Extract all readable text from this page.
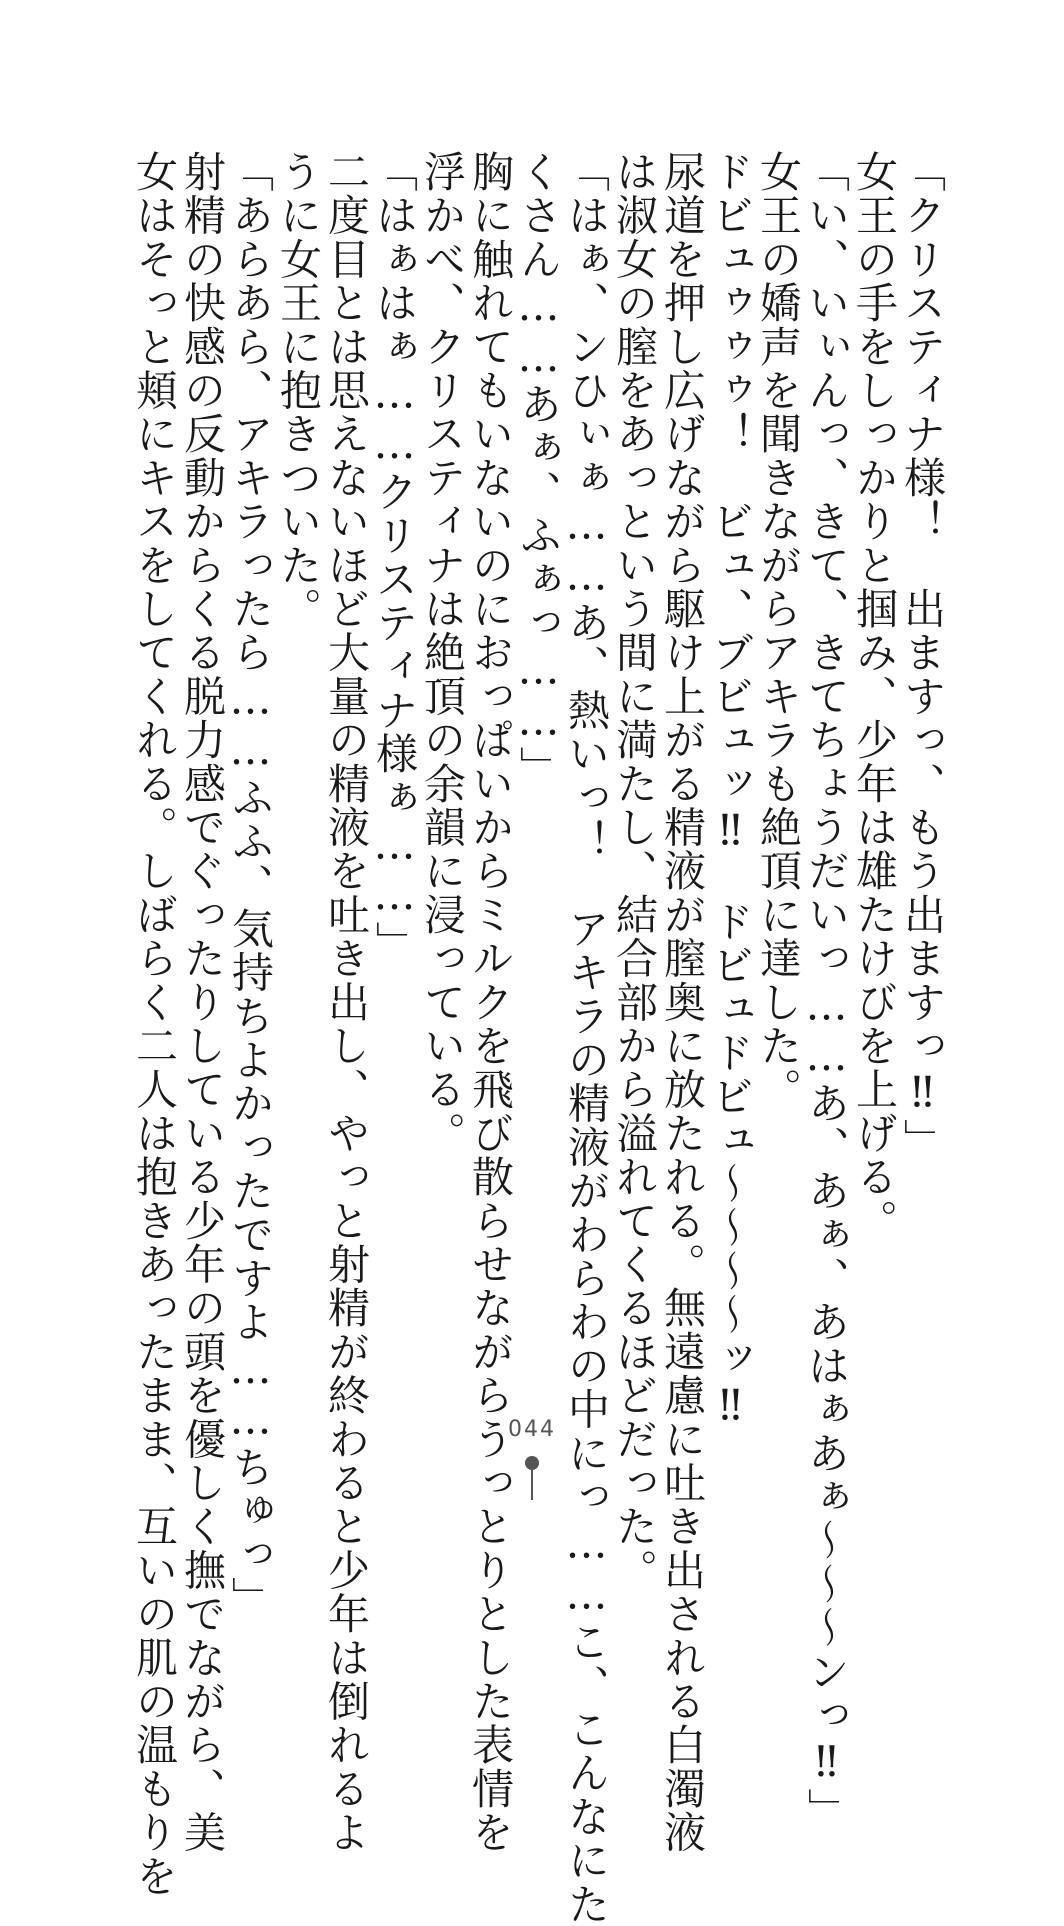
「クリスティナ様！　出ますっ、もう出ますっ‼」
女王の手をしっかりと掴み、少年は雄たけびを上げる。
「い、いぃんっ、きて、きてちょうだいっ……あ、あぁ、あはぁあぁ〜〜〜ンっ‼」
女王の嬌声を聞きながらアキラも絶頂に達した。
ドビュゥゥゥ！　ビュ、ブビュッ‼　ドビュドビュ〜〜〜〜ッ‼
尿道を押し広げながら駆け上がる精液が膣奥に放たれる。無遠慮に吐き出される白濁液
は淑女の膣をあっという間に満たし、結合部から溢れてくるほどだった。
「はぁ、ンひぃぁ……あ、熱いっ！　アキラの精液がわらわの中にっ……こ、こんなにた
くさん……あぁ、ふぁっ……」
胸に触れてもいないのにおっぱいからミルクを飛び散らせながらうっとりとした表情を
浮かべ、クリスティナは絶頂の余韻に浸っている。
「はぁはぁ……クリスティナ様ぁ……」
二度目とは思えないほど大量の精液を吐き出し、やっと射精が終わると少年は倒れるよ
うに女王に抱きついた。
「あらあら、アキラったら……ふふ、気持ちよかったですよ……ちゅっ」
射精の快感の反動からくる脱力感でぐったりしている少年の頭を優しく撫でながら、美
女はそっと頬にキスをしてくれる。しばらく二人は抱きあったまま、互いの肌の温もりを	044
